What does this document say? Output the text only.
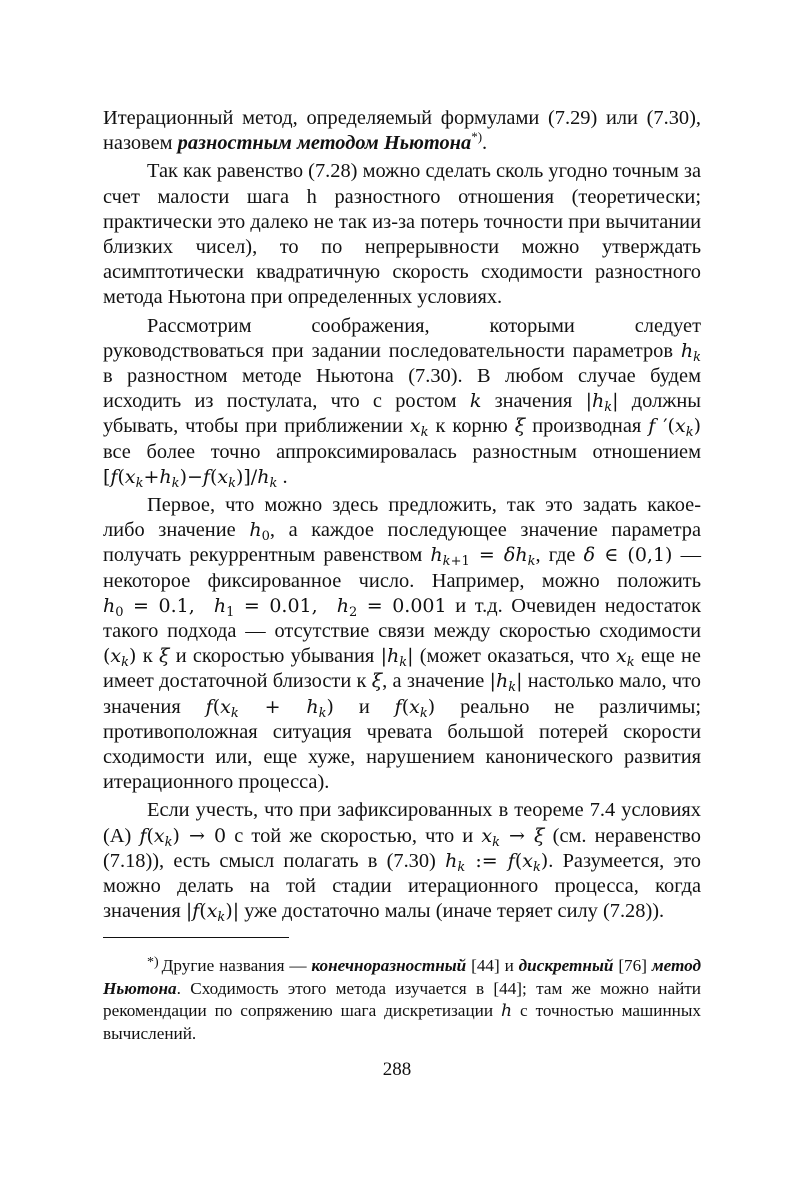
Итерационный метод, определяемый формулами (7.29) или (7.30), назовем разностным методом Ньютона*).

Так как равенство (7.28) можно сделать сколь угодно точным за счет малости шага h разностного отношения (теоретически; практически это далеко не так из-за потерь точности при вычитании близких чисел), то по непрерывности можно утверждать асимптотически квадратичную скорость сходимости разностного метода Ньютона при определенных условиях.

Рассмотрим соображения, которыми следует руководствоваться при задании последовательности параметров $h_k$ в разностном методе Ньютона (7.30). В любом случае будем исходить из постулата, что с ростом k значения $|h_k|$ должны убывать, чтобы при приближении $x_k$ к корню ξ производная f $'(x_k)$ все более точно аппроксимировалась разностным отношением $[f(x_k+h_k)-f(x_k)]/h_k$ .

Первое, что можно здесь предложить, так это задать какое-либо значение $h_0$, а каждое последующее значение параметра получать рекуррентным равенством $h_{k+1} = \delta h_k$, где δ ∈ (0,1) — некоторое фиксированное число. Например, можно положить $h_0 = 0.1$,  $h_1 = 0.01$,  $h_2 = 0.001$ и т.д. Очевиден недостаток такого подхода — отсутствие связи между скоростью сходимости $(x_k)$ к ξ и скоростью убывания $|h_k|$ (может оказаться, что $x_k$ еще не имеет достаточной близости к ξ, а значение $|h_k|$ настолько мало, что значения $f(x_k + h_k)$ и $f(x_k)$ реально не различимы; противоположная ситуация чревата большой потерей скорости сходимости или, еще хуже, нарушением канонического развития итерационного процесса).

Если учесть, что при зафиксированных в теореме 7.4 условиях (А) $f(x_k) \to 0$ с той же скоростью, что и $x_k \to \xi$ (см. неравенство (7.18)), есть смысл полагать в (7.30) $h_k$ := $f(x_k)$. Разумеется, это можно делать на той стадии итерационного процесса, когда значения $|f(x_k)|$ уже достаточно малы (иначе теряет силу (7.28)).

*) Другие названия — конечноразностный [44] и дискретный [76] метод Ньютона. Сходимость этого метода изучается в [44]; там же можно найти рекомендации по сопряжению шага дискретизации h с точностью машинных вычислений.

288
